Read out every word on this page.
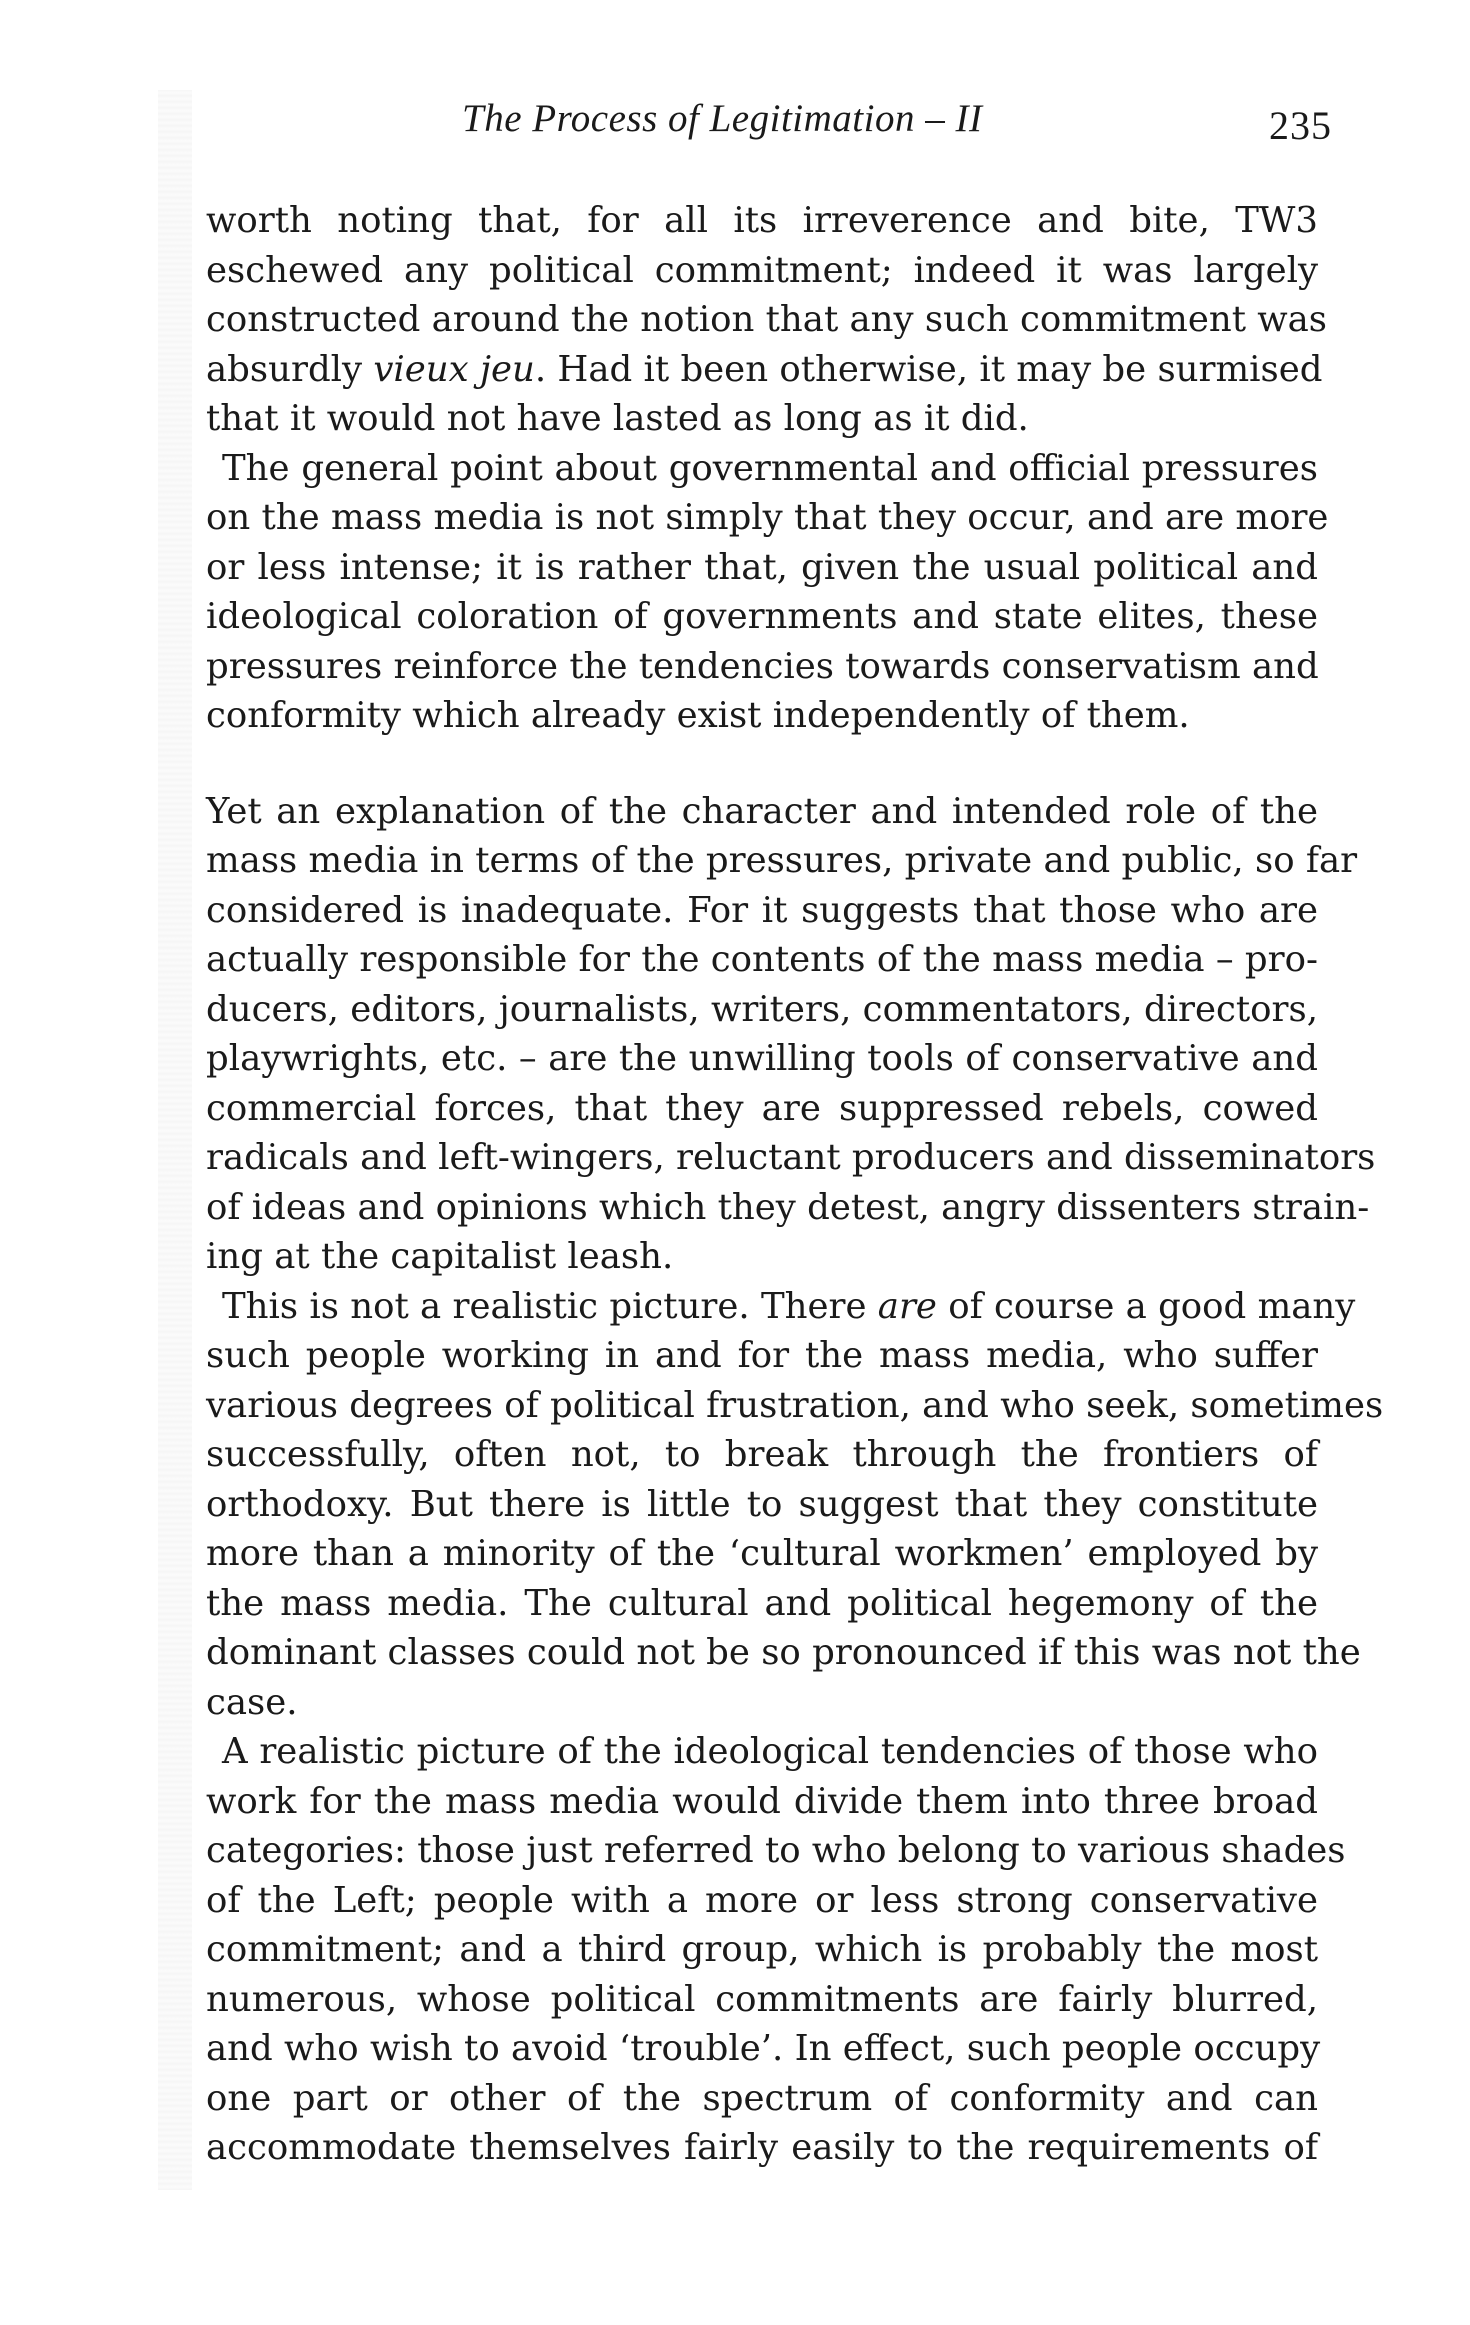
The Process of Legitimation – II	235
worth noting that, for all its irreverence and bite, TW3
eschewed any political commitment; indeed it was largely
constructed around the notion that any such commitment was
absurdly vieux jeu. Had it been otherwise, it may be surmised
that it would not have lasted as long as it did.
The general point about governmental and official pressures
on the mass media is not simply that they occur, and are more
or less intense; it is rather that, given the usual political and
ideological coloration of governments and state elites, these
pressures reinforce the tendencies towards conservatism and
conformity which already exist independently of them.
Yet an explanation of the character and intended role of the
mass media in terms of the pressures, private and public, so far
considered is inadequate. For it suggests that those who are
actually responsible for the contents of the mass media – pro-
ducers, editors, journalists, writers, commentators, directors,
playwrights, etc. – are the unwilling tools of conservative and
commercial forces, that they are suppressed rebels, cowed
radicals and left-wingers, reluctant producers and disseminators
of ideas and opinions which they detest, angry dissenters strain-
ing at the capitalist leash.
This is not a realistic picture. There are of course a good many
such people working in and for the mass media, who suffer
various degrees of political frustration, and who seek, sometimes
successfully, often not, to break through the frontiers of
orthodoxy. But there is little to suggest that they constitute
more than a minority of the ‘cultural workmen’ employed by
the mass media. The cultural and political hegemony of the
dominant classes could not be so pronounced if this was not the
case.
A realistic picture of the ideological tendencies of those who
work for the mass media would divide them into three broad
categories: those just referred to who belong to various shades
of the Left; people with a more or less strong conservative
commitment; and a third group, which is probably the most
numerous, whose political commitments are fairly blurred,
and who wish to avoid ‘trouble’. In effect, such people occupy
one part or other of the spectrum of conformity and can
accommodate themselves fairly easily to the requirements of
